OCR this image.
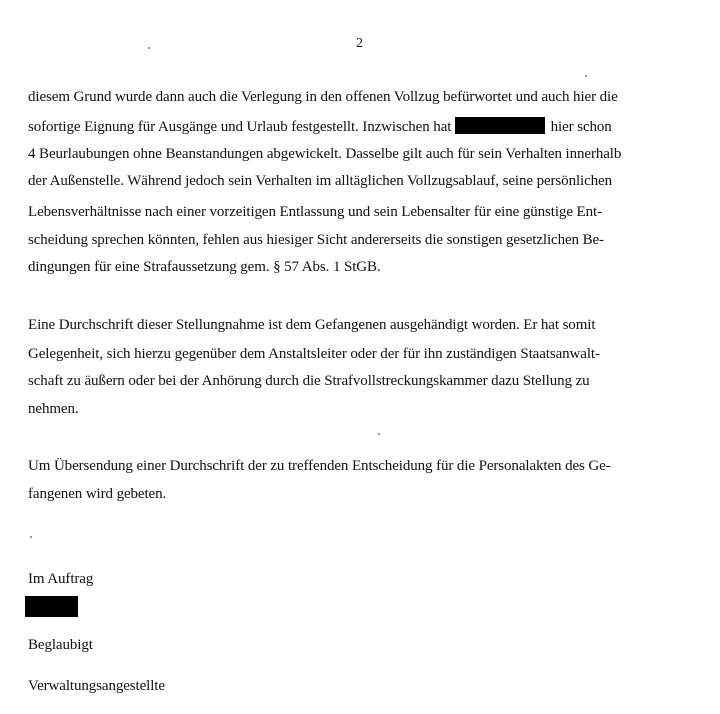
2
diesem Grund wurde dann auch die Verlegung in den offenen Vollzug befürwortet und auch hier die
sofortige Eignung für Ausgänge und Urlaub festgestellt. Inzwischen hat	hier schon
4 Beurlaubungen ohne Beanstandungen abgewickelt. Dasselbe gilt auch für sein Verhalten innerhalb
der Außenstelle. Während jedoch sein Verhalten im alltäglichen Vollzugsablauf, seine persönlichen
Lebensverhältnisse nach einer vorzeitigen Entlassung und sein Lebensalter für eine günstige Ent-
scheidung sprechen könnten, fehlen aus hiesiger Sicht andererseits die sonstigen gesetzlichen Be-
dingungen für eine Strafaussetzung gem. § 57 Abs. 1 StGB.
Eine Durchschrift dieser Stellungnahme ist dem Gefangenen ausgehändigt worden. Er hat somit
Gelegenheit, sich hierzu gegenüber dem Anstaltsleiter oder der für ihn zuständigen Staatsanwalt-
schaft zu äußern oder bei der Anhörung durch die Strafvollstreckungskammer dazu Stellung zu
nehmen.
Um Übersendung einer Durchschrift der zu treffenden Entscheidung für die Personalakten des Ge-
fangenen wird gebeten.
Im Auftrag
Beglaubigt
Verwaltungsangestellte
